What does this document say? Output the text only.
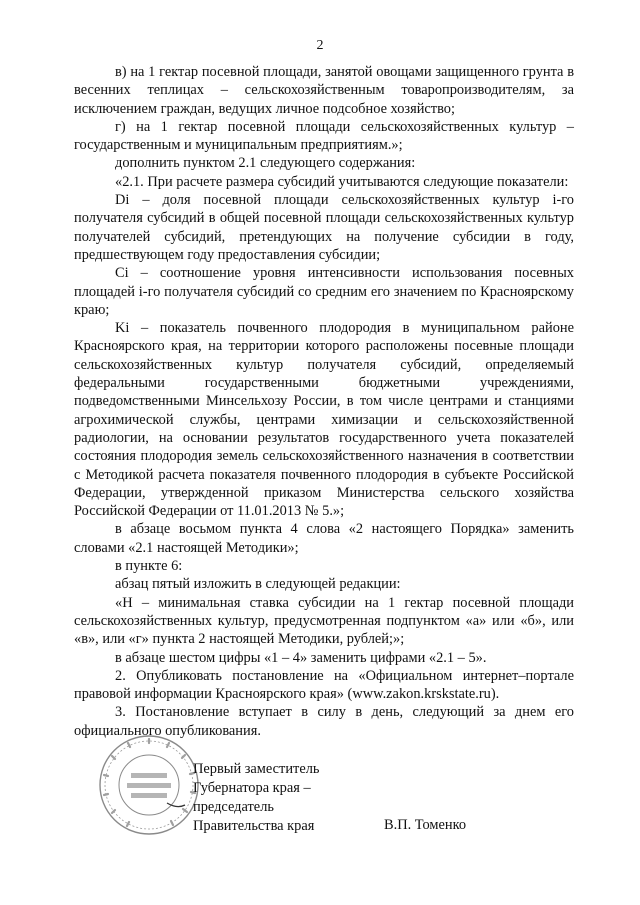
2

в) на 1 гектар посевной площади, занятой овощами защищенного грунта в весенних теплицах – сельскохозяйственным товаропроизводителям, за исключением граждан, ведущих личное подсобное хозяйство;

г) на 1 гектар посевной площади сельскохозяйственных культур – государственным и муниципальным предприятиям.»;

дополнить пунктом 2.1 следующего содержания:

«2.1. При расчете размера субсидий учитываются следующие показатели:

Di – доля посевной площади сельскохозяйственных культур i-го получателя субсидий в общей посевной площади сельскохозяйственных культур получателей субсидий, претендующих на получение субсидии в году, предшествующем году предоставления субсидии;

Ci – соотношение уровня интенсивности использования посевных площадей i-го получателя субсидий со средним его значением по Красноярскому краю;

Ki – показатель почвенного плодородия в муниципальном районе Красноярского края, на территории которого расположены посевные площади сельскохозяйственных культур получателя субсидий, определяемый федеральными государственными бюджетными учреждениями, подведомственными Минсельхозу России, в том числе центрами и станциями агрохимической службы, центрами химизации и сельскохозяйственной радиологии, на основании результатов государственного учета показателей состояния плодородия земель сельскохозяйственного назначения в соответствии с Методикой расчета показателя почвенного плодородия в субъекте Российской Федерации, утвержденной приказом Министерства сельского хозяйства Российской Федерации от 11.01.2013 № 5.»;

в абзаце восьмом пункта 4 слова «2 настоящего Порядка» заменить словами «2.1 настоящей Методики»;

в пункте 6:

абзац пятый изложить в следующей редакции:

«Н – минимальная ставка субсидии на 1 гектар посевной площади сельскохозяйственных культур, предусмотренная подпунктом «а» или «б», или «в», или «г» пункта 2 настоящей Методики, рублей;»;

в абзаце шестом цифры «1 – 4» заменить цифрами «2.1 – 5».

2. Опубликовать постановление на «Официальном интернет–портале правовой информации Красноярского края» (www.zakon.krskstate.ru).

3. Постановление вступает в силу в день, следующий за днем его официального опубликования.

Первый заместитель
Губернатора края –
председатель
Правительства края	В.П. Томенко
